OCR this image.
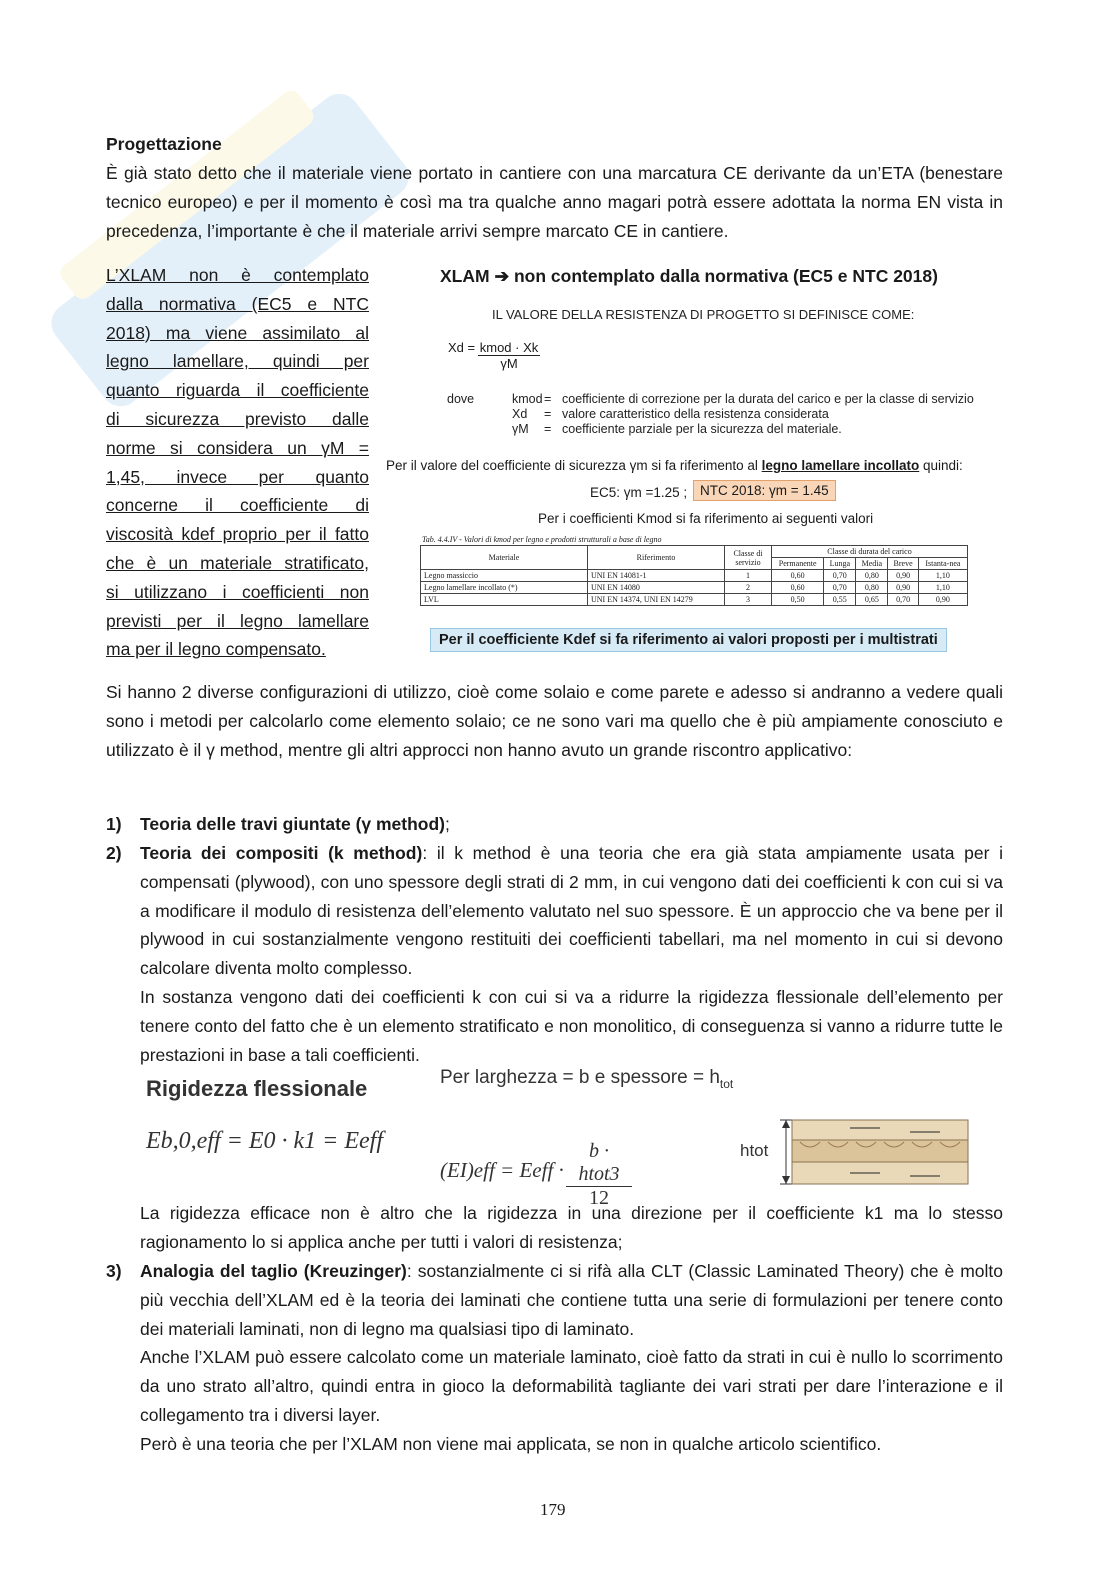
Progettazione
È già stato detto che il materiale viene portato in cantiere con una marcatura CE derivante da un’ETA (benestare tecnico europeo) e per il momento è così ma tra qualche anno magari potrà essere adottata la norma EN vista in precedenza, l’importante è che il materiale arrivi sempre marcato CE in cantiere.
L’XLAM non è contemplato
dalla normativa (EC5 e NTC
2018) ma viene assimilato al
legno lamellare, quindi per
quanto riguarda il coefficiente
di sicurezza previsto dalle
norme si considera un γM =
1,45, invece per quanto
concerne il coefficiente di
viscosità kdef proprio per il fatto
che è un materiale stratificato,
si utilizzano i coefficienti non
previsti per il legno lamellare
ma per il legno compensato.
XLAM ➔ non contemplato dalla normativa (EC5 e NTC 2018)
IL VALORE DELLA RESISTENZA DI PROGETTO SI DEFINISCE COME:
Xd = kmod · Xk
γM
dove	kmod= coefficiente di correzione per la durata del carico e per la classe di servizio
Xd = valore caratteristico della resistenza considerata
γM = coefficiente parziale per la sicurezza del materiale.
Per il valore del coefficiente di sicurezza γm si fa riferimento al legno lamellare incollato quindi:
EC5: γm =1.25 ; NTC 2018: γm = 1.45
Per i coefficienti Kmod si fa riferimento ai seguenti valori
Tab. 4.4.IV - Valori di kmod per legno e prodotti strutturali a base di legno
Materiale	Riferimento	Classe di servizio	Classe di durata del carico				
			Permanente	Lunga	Media	Breve	Istanta-nea
Legno massiccio	UNI EN 14081-1	1	0,60	0,70	0,80	0,90	1,10
Legno lamellare incollato (*)	UNI EN 14080	2	0,60	0,70	0,80	0,90	1,10
LVL	UNI EN 14374, UNI EN 14279	3	0,50	0,55	0,65	0,70	0,90
Per il coefficiente Kdef si fa riferimento ai valori proposti per i multistrati
Si hanno 2 diverse configurazioni di utilizzo, cioè come solaio e come parete e adesso si andranno a vedere quali sono i metodi per calcolarlo come elemento solaio; ce ne sono vari ma quello che è più ampiamente conosciuto e utilizzato è il γ method, mentre gli altri approcci non hanno avuto un grande riscontro applicativo:
1) Teoria delle travi giuntate (γ method);
2) Teoria dei compositi (k method): il k method è una teoria che era già stata ampiamente usata per i compensati (plywood), con uno spessore degli strati di 2 mm, in cui vengono dati dei coefficienti k con cui si va a modificare il modulo di resistenza dell’elemento valutato nel suo spessore. È un approccio che va bene per il plywood in cui sostanzialmente vengono restituiti dei coefficienti tabellari, ma nel momento in cui si devono calcolare diventa molto complesso.
In sostanza vengono dati dei coefficienti k con cui si va a ridurre la rigidezza flessionale dell’elemento per tenere conto del fatto che è un elemento stratificato e non monolitico, di conseguenza si vanno a ridurre tutte le prestazioni in base a tali coefficienti.
Rigidezza flessionale	Per larghezza = b e spessore = $h_{tot}$
Eb,0,eff = E0 · k1 = Eeff
(EI)eff = Eeff ·
b · htot3
12
htot
La rigidezza efficace non è altro che la rigidezza in una direzione per il coefficiente k1 ma lo stesso ragionamento lo si applica anche per tutti i valori di resistenza;
3) Analogia del taglio (Kreuzinger): sostanzialmente ci si rifà alla CLT (Classic Laminated Theory) che è molto più vecchia dell’XLAM ed è la teoria dei laminati che contiene tutta una serie di formulazioni per tenere conto dei materiali laminati, non di legno ma qualsiasi tipo di laminato.
Anche l’XLAM può essere calcolato come un materiale laminato, cioè fatto da strati in cui è nullo lo scorrimento da uno strato all’altro, quindi entra in gioco la deformabilità tagliante dei vari strati per dare l’interazione e il collegamento tra i diversi layer.
Però è una teoria che per l’XLAM non viene mai applicata, se non in qualche articolo scientifico.
179
